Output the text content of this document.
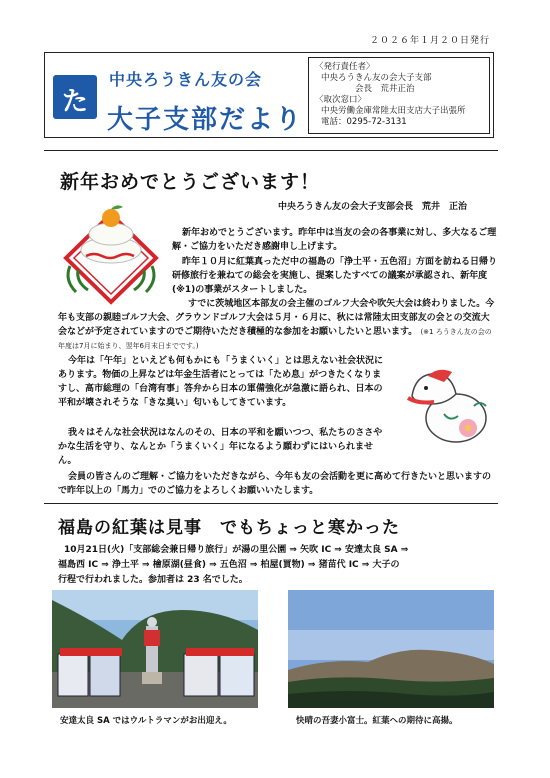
２０２６年１月２０日発行
た
中央ろうきん友の会
大子支部だより
〈発行責任者〉
中央ろうきん友の会大子支部
会長　荒井正治
〈取次窓口〉
中央労働金庫常陸太田支店大子出張所
電話：0295-72-3131
新年おめでとうございます！
中央ろうきん友の会大子支部会長　荒井　正治
新年おめでとうございます。昨年中は当友の会の各事業に対し、多大なるご理解・ご協力をいただき感謝申し上げます。
昨年１０月に紅葉真っただ中の福島の「浄土平・五色沼」方面を訪ねる日帰り研修旅行を兼ねての総会を実施し、提案したすべての議案が承認され、新年度(※1)の事業がスタートしました。
すでに茨城地区本部友の会主催のゴルフ大会や吹矢大会は終わりました。今年も支部の親睦ゴルフ大会、グラウンドゴルフ大会は５月・６月に、秋には常陸太田支部友の会との交流大会などが予定されていますのでご期待いただき積極的な参加をお願いしたいと思います。 (※1 ろうきん友の会の年度は7月に始まり、翌年6月末日までです。)
今年は「午年」といえども何もかにも「うまくいく」とは思えない社会状況にあります。物価の上昇などは年金生活者にとっては「ため息」がつきたくなりますし、高市総理の「台湾有事」答弁から日本の軍備強化が急激に語られ、日本の平和が壊されそうな「きな臭い」匂いもしてきています。
我々はそんな社会状況はなんのその、日本の平和を願いつつ、私たちのささやかな生活を守り、なんとか「うまくいく」年になるよう願わずにはいられません。
会員の皆さんのご理解・ご協力をいただきながら、今年も友の会活動を更に高めて行きたいと思いますので昨年以上の「馬力」でのご協力をよろしくお願いいたします。
福島の紅葉は見事　でもちょっと寒かった
10月21日(火)「支部総会兼日帰り旅行」が湯の里公園 ⇒ 矢吹 IC ⇒ 安達太良 SA ⇒
福島西 IC ⇒ 浄土平 ⇒ 檜原湖(昼食) ⇒ 五色沼 ⇒ 柏屋(買物) ⇒ 猪苗代 IC ⇒ 大子の
行程で行われました。参加者は 23 名でした。
安達太良 SA ではウルトラマンがお出迎え。	快晴の吾妻小富士。紅葉への期待に高揚。
